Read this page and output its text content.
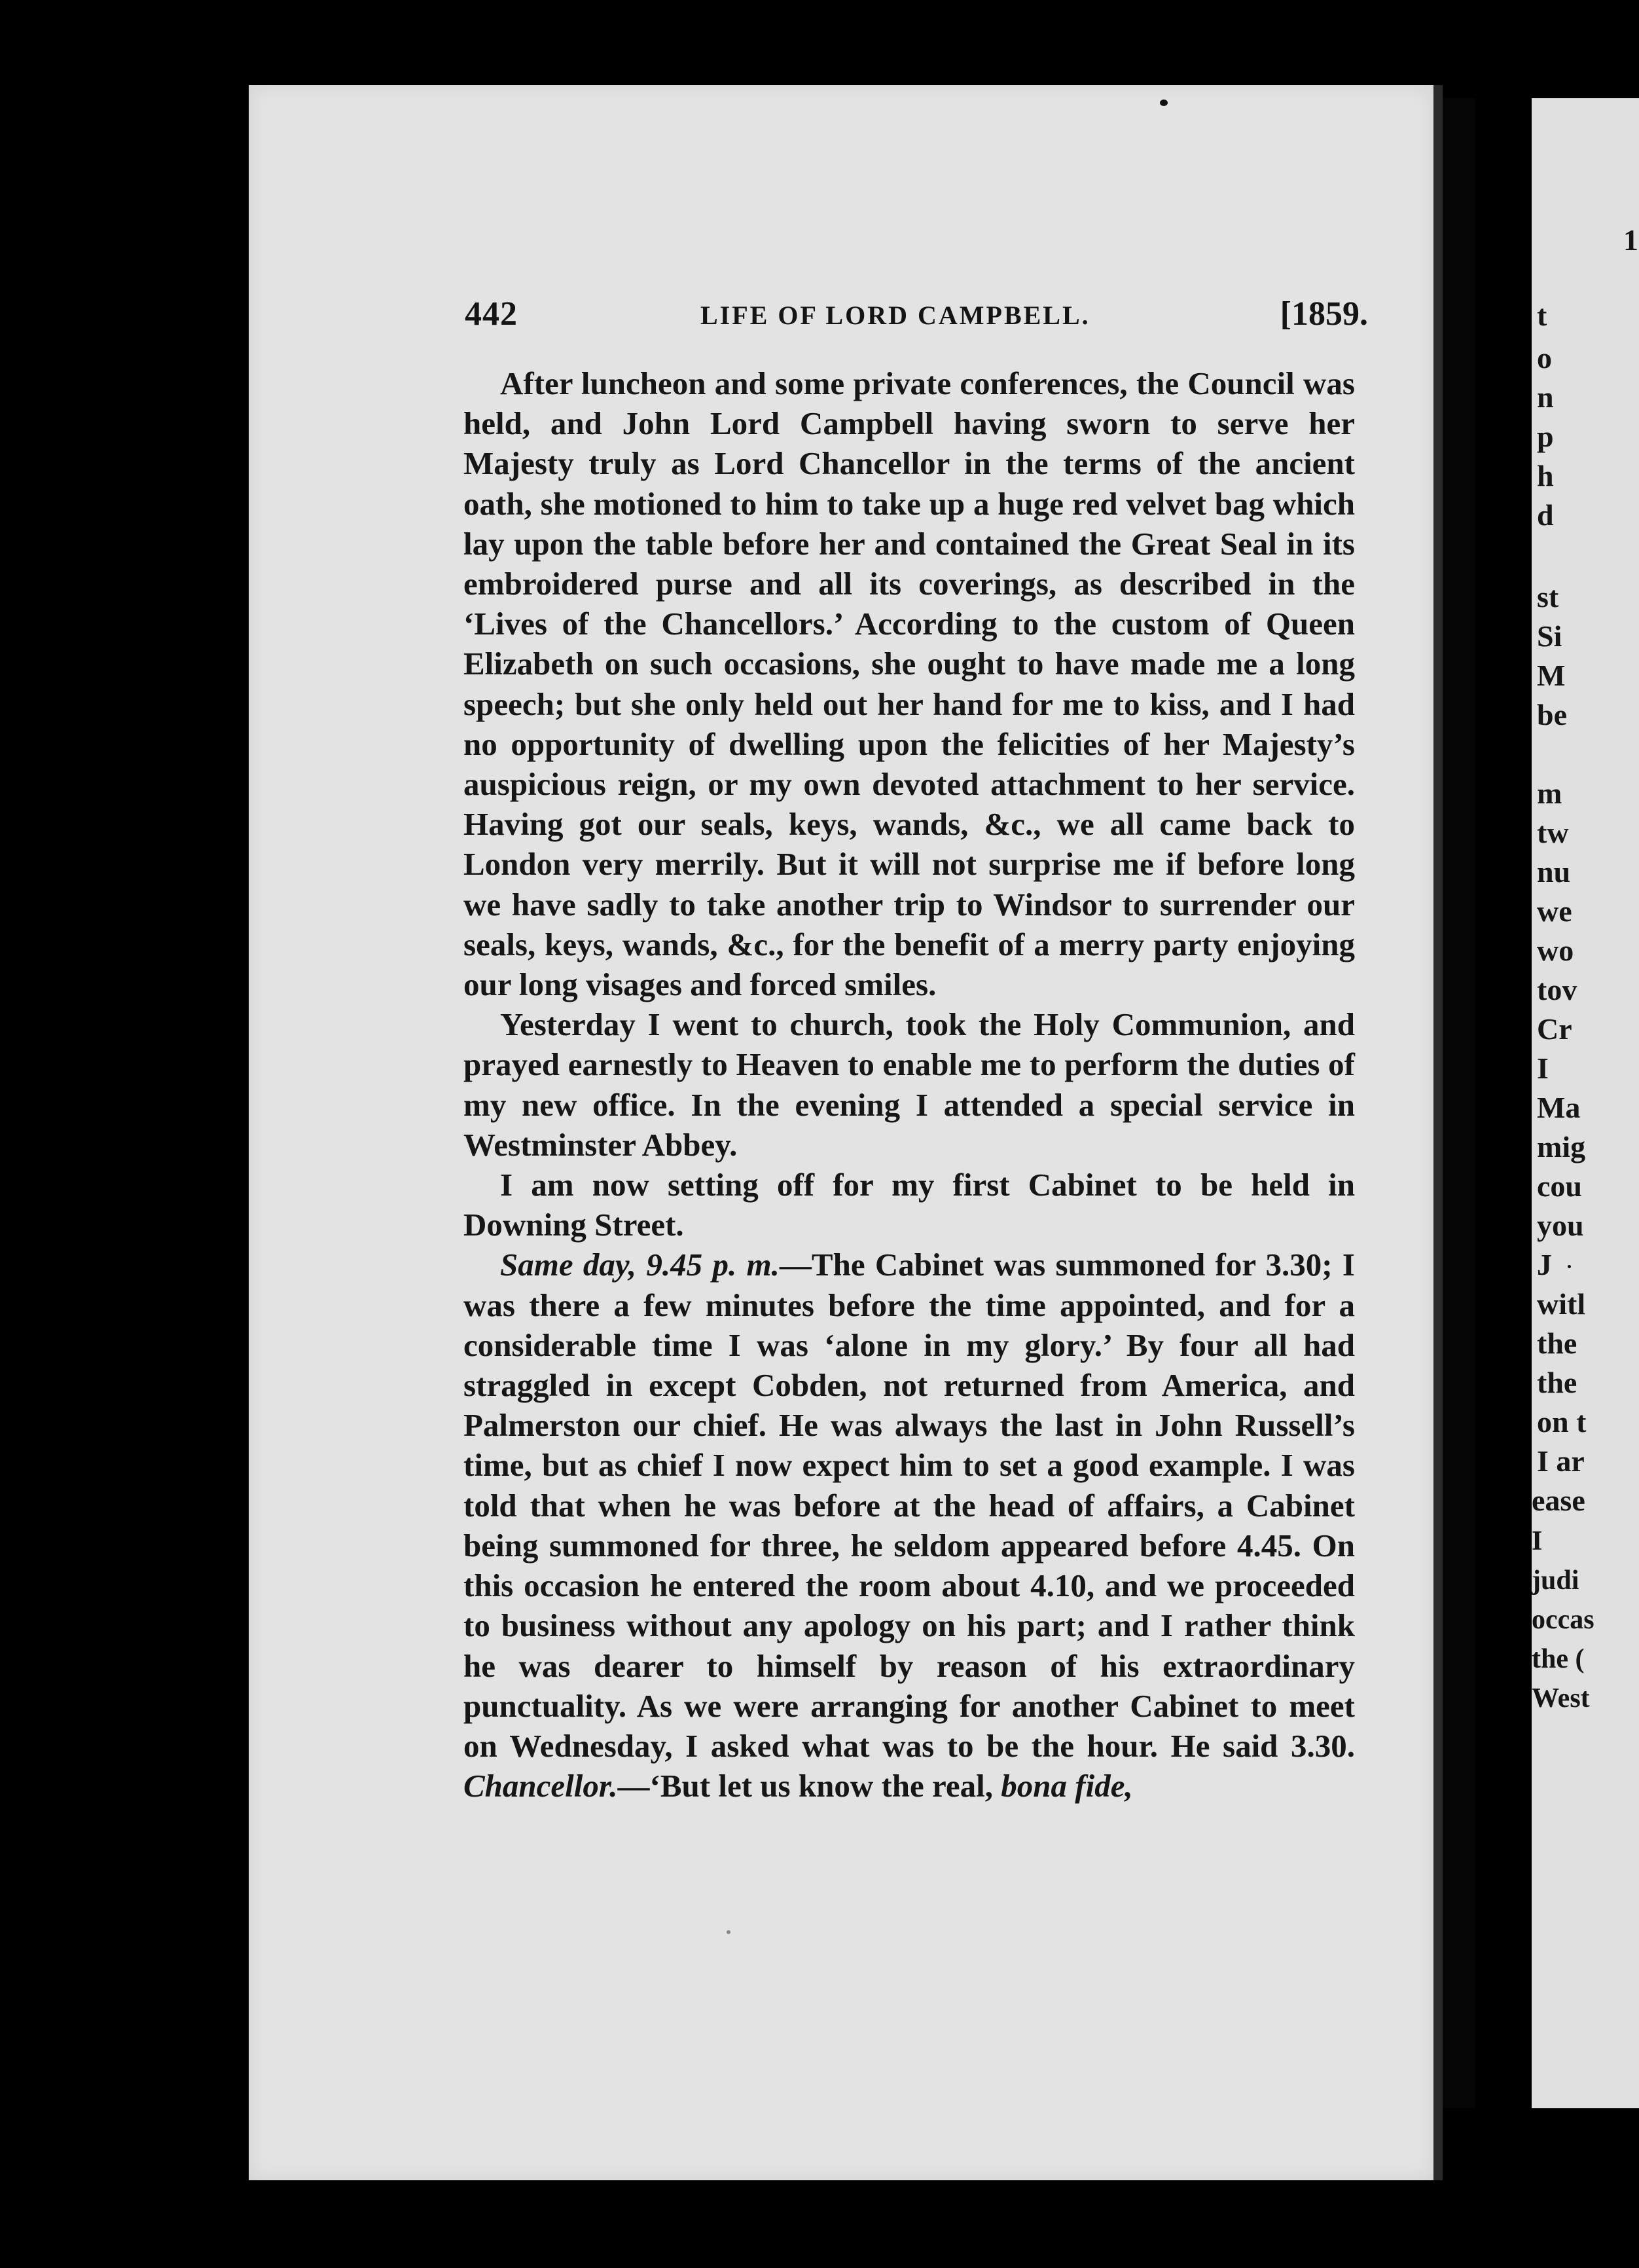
1
t
o
n
p
h
d
st
Si
M
be
m
tw
nu
we
wo
tov
Cr
I
Ma
mig
cou
you
J
witl
the
the
on t
I ar
ease
I
judi
occas
the (
West
442	LIFE OF LORD CAMPBELL.	[1859.

After luncheon and some private conferences, the Council was held, and John Lord Campbell having sworn to serve her Majesty truly as Lord Chancellor in the terms of the ancient oath, she motioned to him to take up a huge red velvet bag which lay upon the table before her and contained the Great Seal in its embroidered purse and all its coverings, as described in the ‘Lives of the Chancellors.’ According to the custom of Queen Elizabeth on such occasions, she ought to have made me a long speech; but she only held out her hand for me to kiss, and I had no opportunity of dwelling upon the felicities of her Majesty’s auspicious reign, or my own devoted attachment to her service. Having got our seals, keys, wands, &c., we all came back to London very merrily. But it will not surprise me if before long we have sadly to take another trip to Windsor to surrender our seals, keys, wands, &c., for the benefit of a merry party enjoying our long visages and forced smiles.

Yesterday I went to church, took the Holy Communion, and prayed earnestly to Heaven to enable me to perform the duties of my new office. In the evening I attended a special service in Westminster Abbey.

I am now setting off for my first Cabinet to be held in Downing Street.

Same day, 9.45 p. m.—The Cabinet was summoned for 3.30; I was there a few minutes before the time appointed, and for a considerable time I was ‘alone in my glory.’ By four all had straggled in except Cobden, not returned from America, and Palmerston our chief. He was always the last in John Russell’s time, but as chief I now expect him to set a good example. I was told that when he was before at the head of affairs, a Cabinet being summoned for three, he seldom appeared before 4.45. On this occasion he entered the room about 4.10, and we proceeded to business without any apology on his part; and I rather think he was dearer to himself by reason of his extraordinary punctuality. As we were arranging for another Cabinet to meet on Wednesday, I asked what was to be the hour. He said 3.30. Chancellor.—‘But let us know the real, bona fide,
